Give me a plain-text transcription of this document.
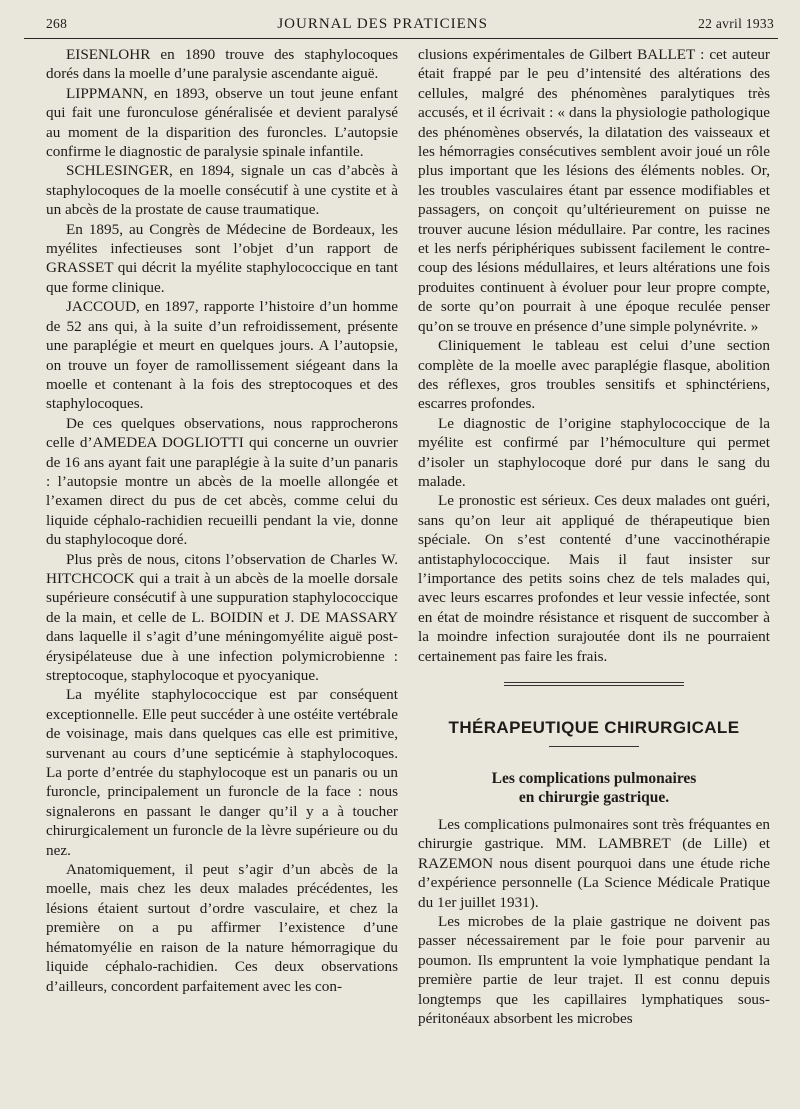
268	JOURNAL DES PRATICIENS	22 avril 1933

EISENLOHR en 1890 trouve des staphylocoques dorés dans la moelle d’une paralysie ascendante aiguë.

LIPPMANN, en 1893, observe un tout jeune enfant qui fait une furonculose généralisée et devient paralysé au moment de la disparition des furoncles. L’autopsie confirme le diagnostic de paralysie spinale infantile.

SCHLESINGER, en 1894, signale un cas d’abcès à staphylocoques de la moelle consécutif à une cystite et à un abcès de la prostate de cause traumatique.

En 1895, au Congrès de Médecine de Bordeaux, les myélites infectieuses sont l’objet d’un rapport de GRASSET qui décrit la myélite staphylococcique en tant que forme clinique.

JACCOUD, en 1897, rapporte l’histoire d’un homme de 52 ans qui, à la suite d’un refroidissement, présente une paraplégie et meurt en quelques jours. A l’autopsie, on trouve un foyer de ramollissement siégeant dans la moelle et contenant à la fois des streptocoques et des staphylocoques.

De ces quelques observations, nous rapprocherons celle d’AMEDEA DOGLIOTTI qui concerne un ouvrier de 16 ans ayant fait une paraplégie à la suite d’un panaris : l’autopsie montre un abcès de la moelle allongée et l’examen direct du pus de cet abcès, comme celui du liquide céphalo-rachidien recueilli pendant la vie, donne du staphylocoque doré.

Plus près de nous, citons l’observation de Charles W. HITCHCOCK qui a trait à un abcès de la moelle dorsale supérieure consécutif à une suppuration staphylococcique de la main, et celle de L. BOIDIN et J. DE MASSARY dans laquelle il s’agit d’une méningomyélite aiguë post-érysipélateuse due à une infection polymicrobienne : streptocoque, staphylocoque et pyocyanique.

La myélite staphylococcique est par conséquent exceptionnelle. Elle peut succéder à une ostéite vertébrale de voisinage, mais dans quelques cas elle est primitive, survenant au cours d’une septicémie à staphylocoques. La porte d’entrée du staphylocoque est un panaris ou un furoncle, principalement un furoncle de la face : nous signalerons en passant le danger qu’il y a à toucher chirurgicalement un furoncle de la lèvre supérieure ou du nez.

Anatomiquement, il peut s’agir d’un abcès de la moelle, mais chez les deux malades précédentes, les lésions étaient surtout d’ordre vasculaire, et chez la première on a pu affirmer l’existence d’une hématomyélie en raison de la nature hémorragique du liquide céphalo-rachidien. Ces deux observations d’ailleurs, concordent parfaitement avec les con-

clusions expérimentales de Gilbert BALLET : cet auteur était frappé par le peu d’intensité des altérations des cellules, malgré des phénomènes paralytiques très accusés, et il écrivait : « dans la physiologie pathologique des phénomènes observés, la dilatation des vaisseaux et les hémorragies consécutives semblent avoir joué un rôle plus important que les lésions des éléments nobles. Or, les troubles vasculaires étant par essence modifiables et passagers, on conçoit qu’ultérieurement on puisse ne trouver aucune lésion médullaire. Par contre, les racines et les nerfs périphériques subissent facilement le contre-coup des lésions médullaires, et leurs altérations une fois produites continuent à évoluer pour leur propre compte, de sorte qu’on pourrait à une époque reculée penser qu’on se trouve en présence d’une simple polynévrite. »

Cliniquement le tableau est celui d’une section complète de la moelle avec paraplégie flasque, abolition des réflexes, gros troubles sensitifs et sphinctériens, escarres profondes.

Le diagnostic de l’origine staphylococcique de la myélite est confirmé par l’hémoculture qui permet d’isoler un staphylocoque doré pur dans le sang du malade.

Le pronostic est sérieux. Ces deux malades ont guéri, sans qu’on leur ait appliqué de thérapeutique bien spéciale. On s’est contenté d’une vaccinothérapie antistaphylococcique. Mais il faut insister sur l’importance des petits soins chez de tels malades qui, avec leurs escarres profondes et leur vessie infectée, sont en état de moindre résistance et risquent de succomber à la moindre infection surajoutée dont ils ne pourraient certainement pas faire les frais.

THÉRAPEUTIQUE CHIRURGICALE
Les complications pulmonaires
en chirurgie gastrique.

Les complications pulmonaires sont très fréquantes en chirurgie gastrique. MM. LAMBRET (de Lille) et RAZEMON nous disent pourquoi dans une étude riche d’expérience personnelle (La Science Médicale Pratique du 1er juillet 1931).

Les microbes de la plaie gastrique ne doivent pas passer nécessairement par le foie pour parvenir au poumon. Ils empruntent la voie lymphatique pendant la première partie de leur trajet. Il est connu depuis longtemps que les capillaires lymphatiques sous-péritonéaux absorbent les microbes
